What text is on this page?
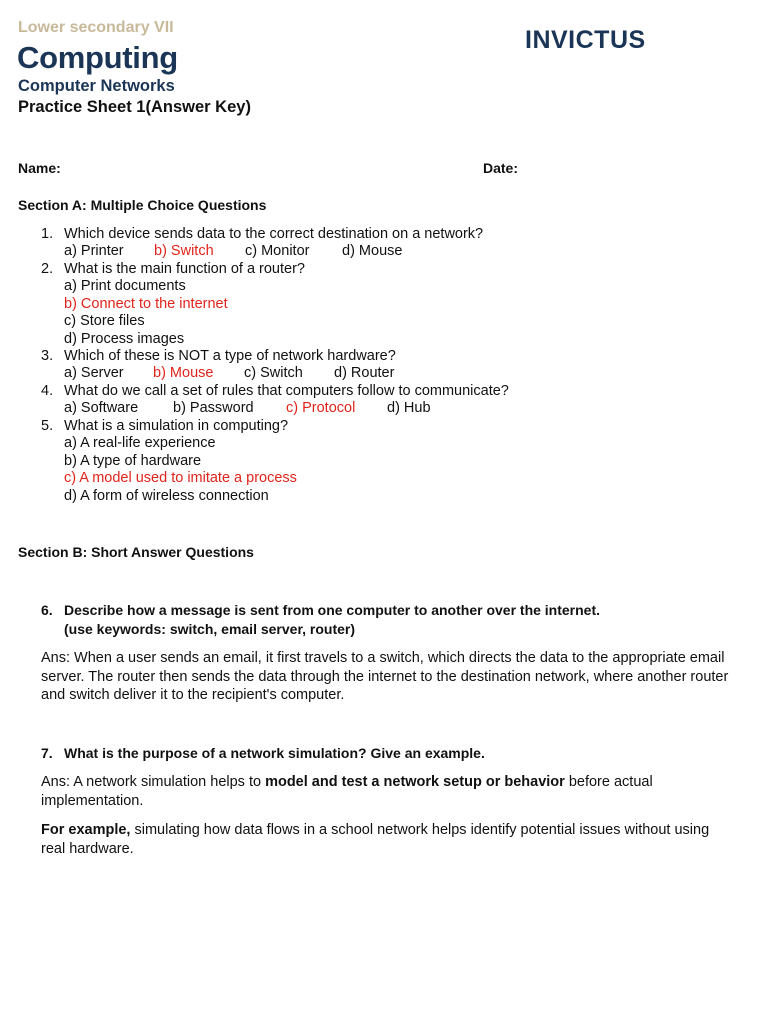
Lower secondary VII
Computing
Computer Networks
Practice Sheet 1(Answer Key)
INVICTUS
Name:	Date:
Section A: Multiple Choice Questions
1. Which device sends data to the correct destination on a network?
a) Printer b) Switch c) Monitor d) Mouse
2. What is the main function of a router?
a) Print documents
b) Connect to the internet
c) Store files
d) Process images
3. Which of these is NOT a type of network hardware?
a) Server b) Mouse c) Switch d) Router
4. What do we call a set of rules that computers follow to communicate?
a) Software b) Password c) Protocol d) Hub
5. What is a simulation in computing?
a) A real-life experience
b) A type of hardware
c) A model used to imitate a process
d) A form of wireless connection
Section B: Short Answer Questions
6. Describe how a message is sent from one computer to another over the internet.
(use keywords: switch, email server, router)
Ans: When a user sends an email, it first travels to a switch, which directs the data to the appropriate email server. The router then sends the data through the internet to the destination network, where another router and switch deliver it to the recipient's computer.
7. What is the purpose of a network simulation? Give an example.
Ans: A network simulation helps to model and test a network setup or behavior before actual implementation.
For example, simulating how data flows in a school network helps identify potential issues without using real hardware.
